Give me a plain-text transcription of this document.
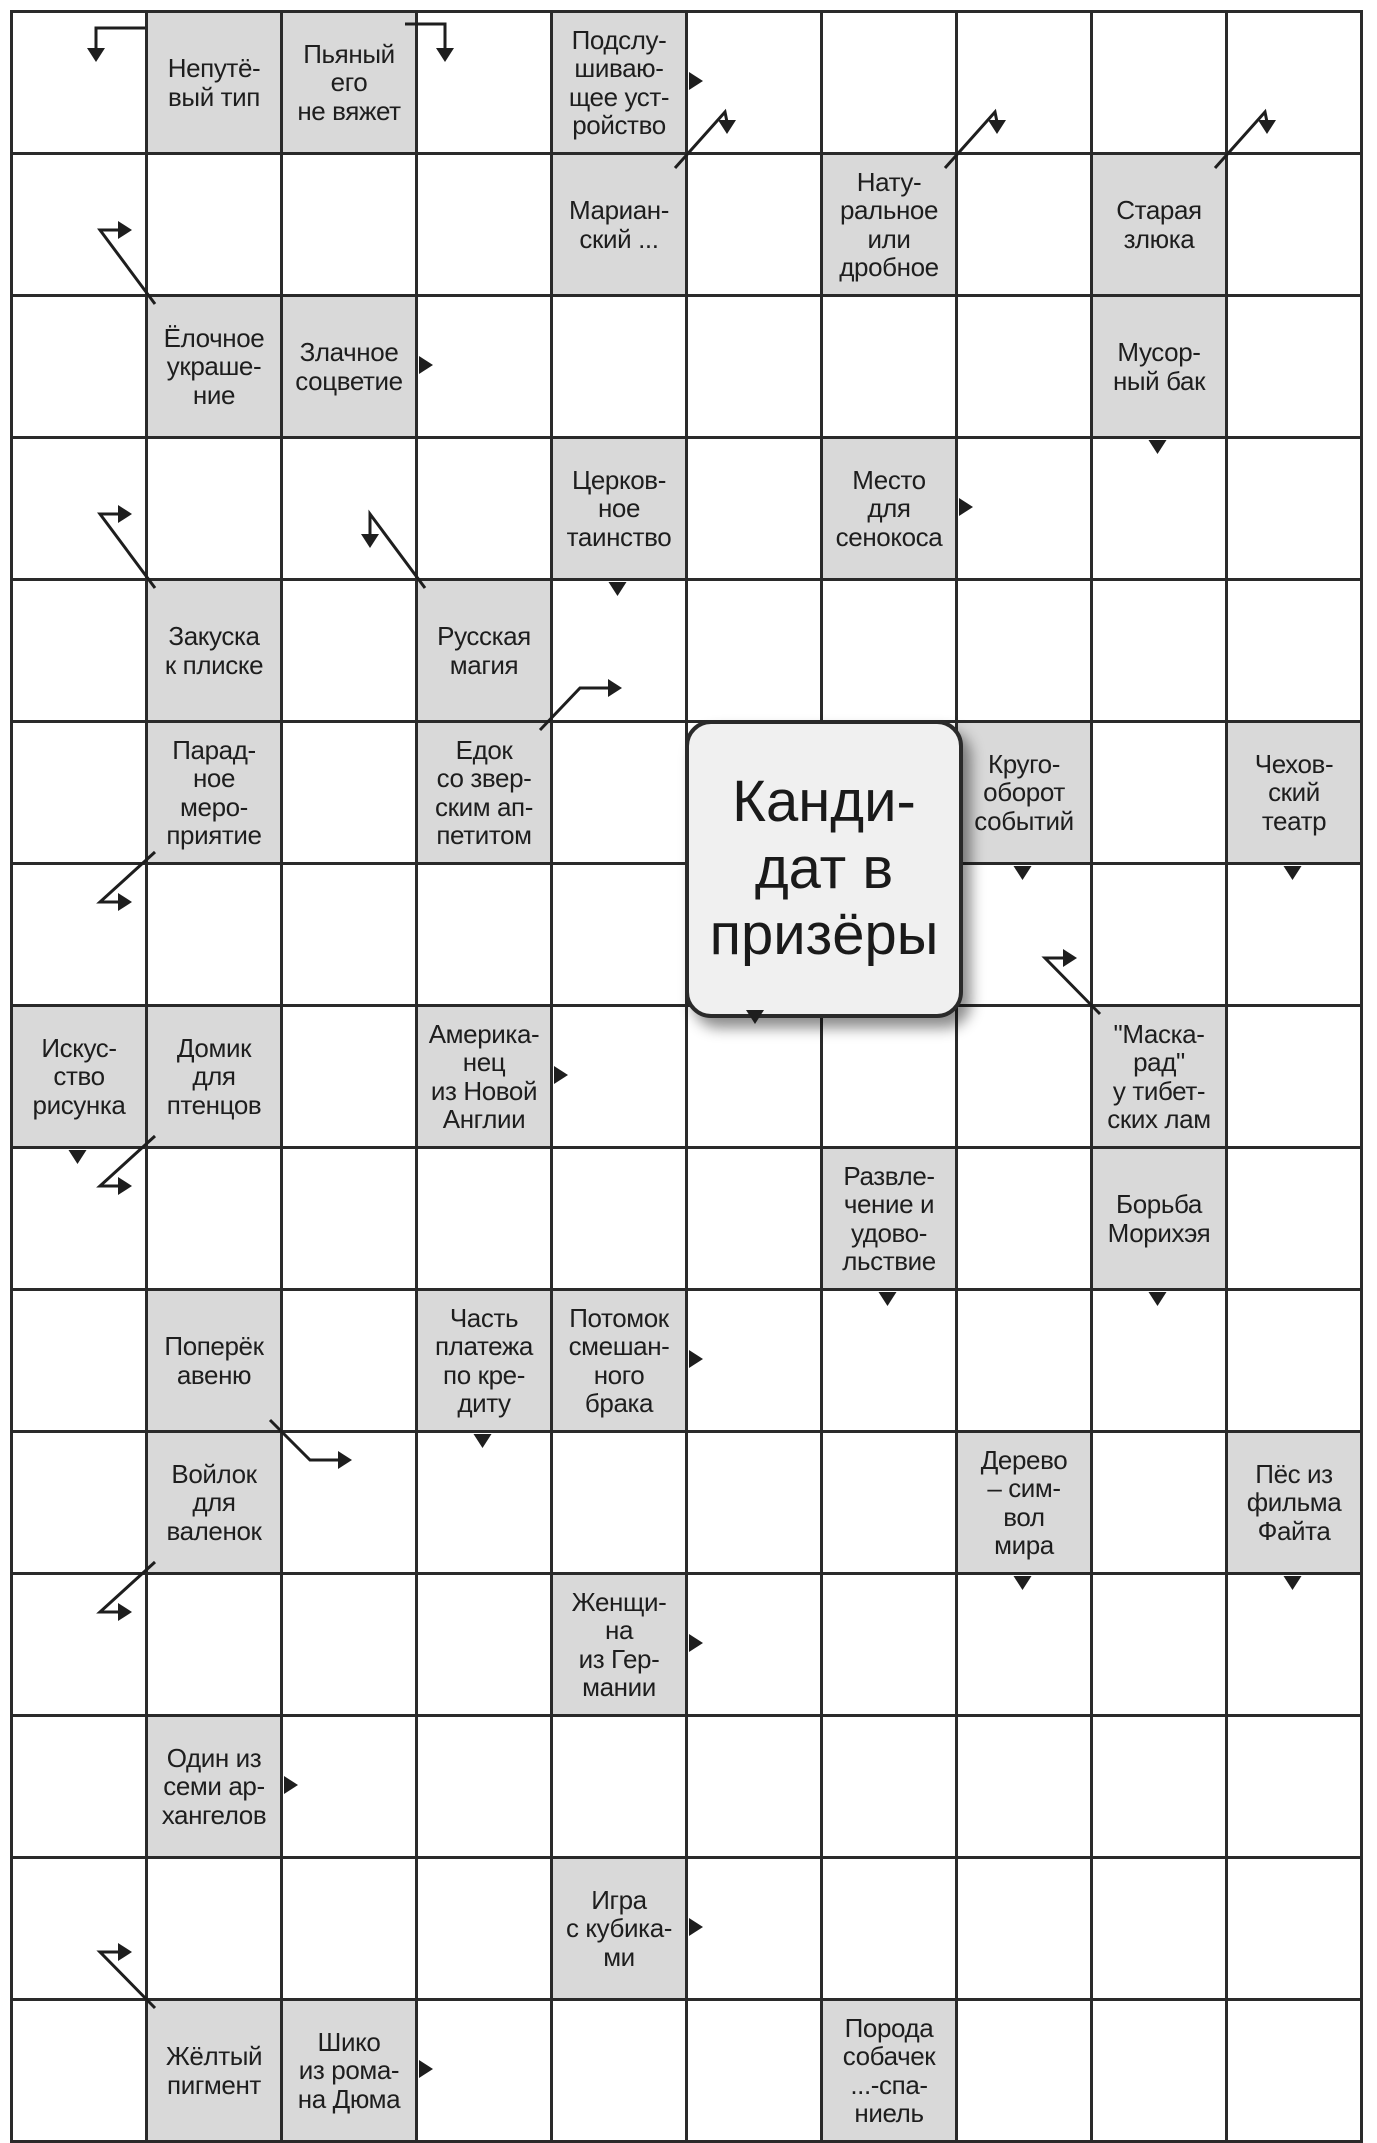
Непутё-
вый тип
Пьяный
его
не вяжет
Подслу-
шиваю-
щее уст-
ройство
Мариан-
ский ...
Нату-
ральное
или
дробное
Старая
злюка
Ёлочное
украше-
ние
Злачное
соцветие
Мусор-
ный бак
Церков-
ное
таинство
Место
для
сенокоса
Закуска
к плиске
Русская
магия
Парад-
ное
меро-
приятие
Едок
со звер-
ским ап-
петитом
Круго-
оборот
событий
Чехов-
ский
театр
Искус-
ство
рисунка
Домик
для
птенцов
Америка-
нец
из Новой
Англии
"Маска-
рад"
у тибет-
ских лам
Развле-
чение и
удово-
льствие
Борьба
Морихэя
Поперёк
авеню
Часть
платежа
по кре-
диту
Потомок
смешан-
ного
брака
Войлок
для
валенок
Дерево
– сим-
вол
мира
Пёс из
фильма
Файта
Женщи-
на
из Гер-
мании
Один из
семи ар-
хангелов
Игра
с кубика-
ми
Жёлтый
пигмент
Шико
из рома-
на Дюма
Порода
собачек
...-спа-
ниель
Канди-
дат в
призёры
